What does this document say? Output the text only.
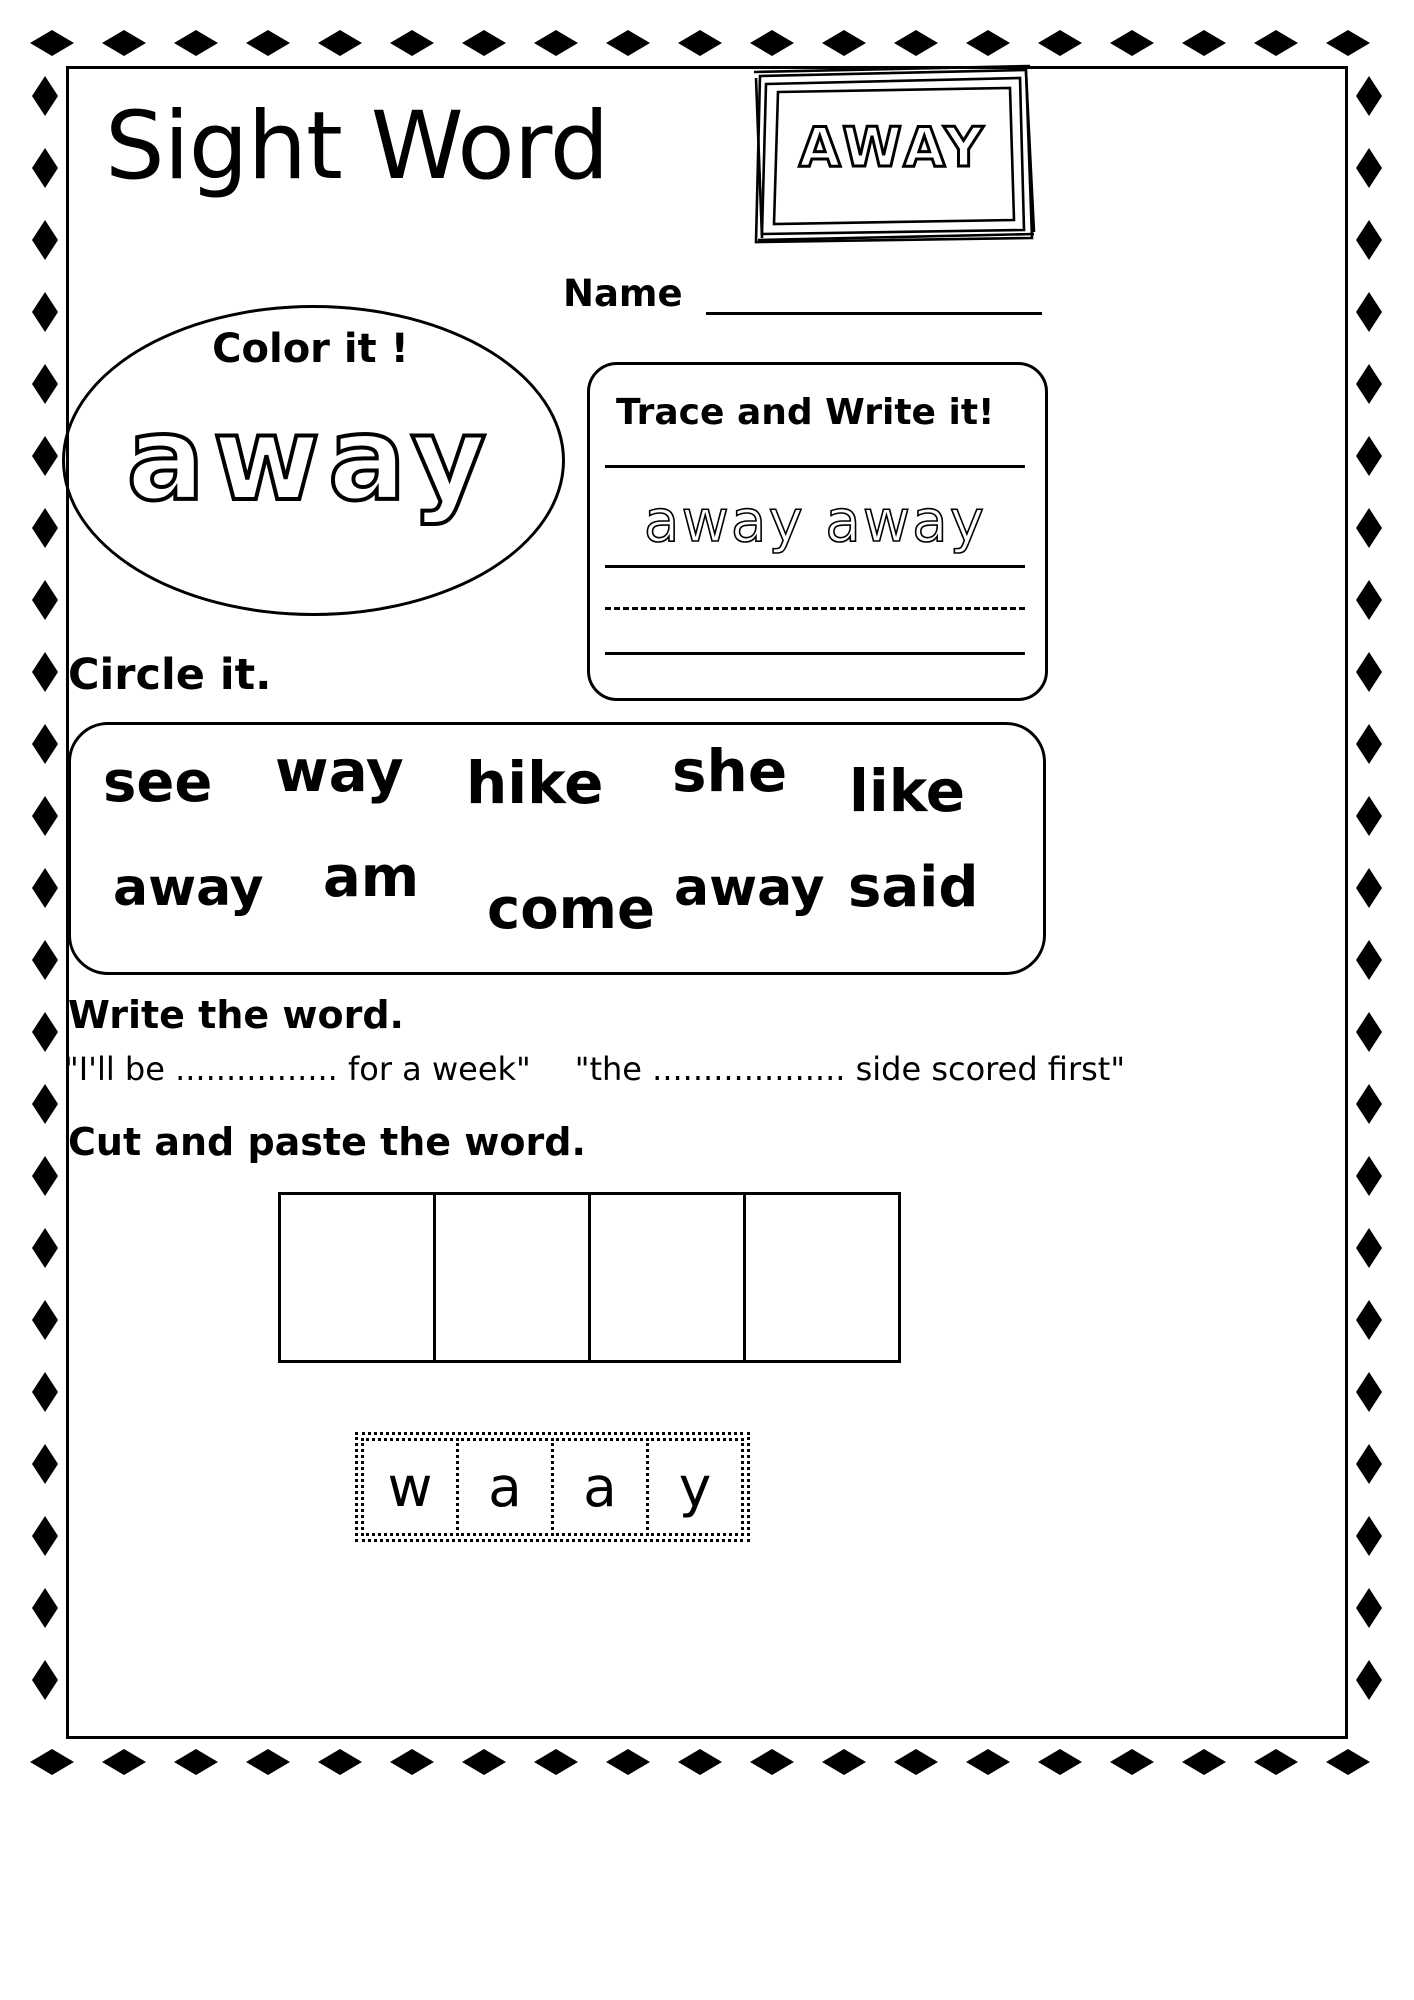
Sight Word	AWAY
Name
Color it !
away	Trace and Write it!
away away
Circle it.
see way hike she like
away am come away said
Write the word.
"I'll be ................ for a week" "the ................... side scored first"
Cut and paste the word.
w	a	a	y
